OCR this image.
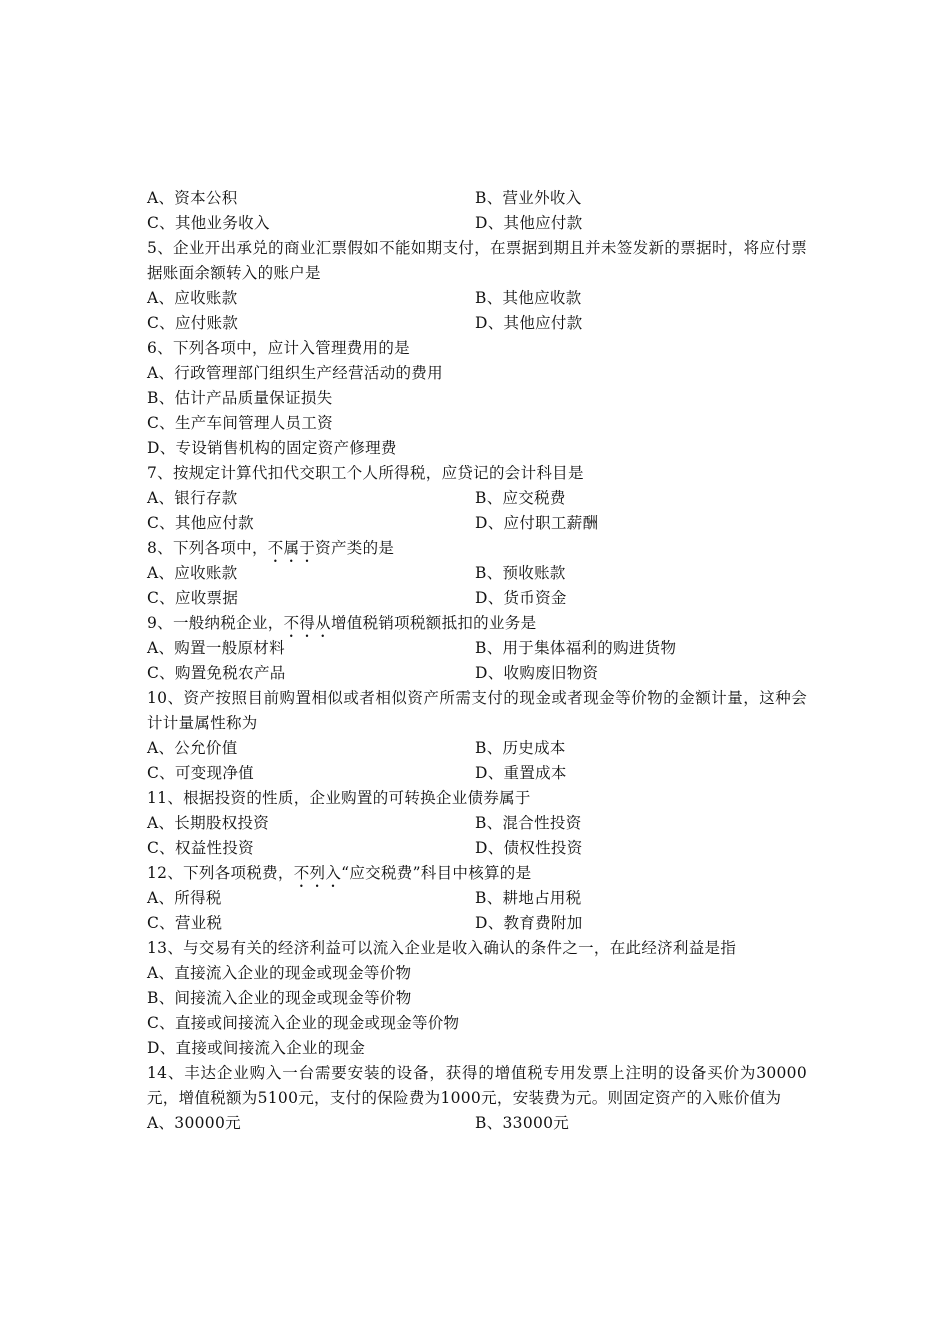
A、资本公积	B、营业外收入
C、其他业务收入	D、其他应付款
5、企业开出承兑的商业汇票假如不能如期支付，在票据到期且并未签发新的票据时，将应付票据账面余额转入的账户是
A、应收账款	B、其他应收款
C、应付账款	D、其他应付款
6、下列各项中，应计入管理费用的是
A、行政管理部门组织生产经营活动的费用
B、估计产品质量保证损失
C、生产车间管理人员工资
D、专设销售机构的固定资产修理费
7、按规定计算代扣代交职工个人所得税，应贷记的会计科目是
A、银行存款	B、应交税费
C、其他应付款	D、应付职工薪酬
8、下列各项中，不属于资产类的是
A、应收账款	B、预收账款
C、应收票据	D、货币资金
9、一般纳税企业，不得从增值税销项税额抵扣的业务是
A、购置一般原材料	B、用于集体福利的购进货物
C、购置免税农产品	D、收购废旧物资
10、资产按照目前购置相似或者相似资产所需支付的现金或者现金等价物的金额计量，这种会计计量属性称为
A、公允价值	B、历史成本
C、可变现净值	D、重置成本
11、根据投资的性质，企业购置的可转换企业债券属于
A、长期股权投资	B、混合性投资
C、权益性投资	D、债权性投资
12、下列各项税费，不列入“应交税费”科目中核算的是
A、所得税	B、耕地占用税
C、营业税	D、教育费附加
13、与交易有关的经济利益可以流入企业是收入确认的条件之一，在此经济利益是指
A、直接流入企业的现金或现金等价物
B、间接流入企业的现金或现金等价物
C、直接或间接流入企业的现金或现金等价物
D、直接或间接流入企业的现金
14、丰达企业购入一台需要安装的设备，获得的增值税专用发票上注明的设备买价为30000元，增值税额为5100元，支付的保险费为1000元，安装费为元。则固定资产的入账价值为
A、30000元	B、33000元
